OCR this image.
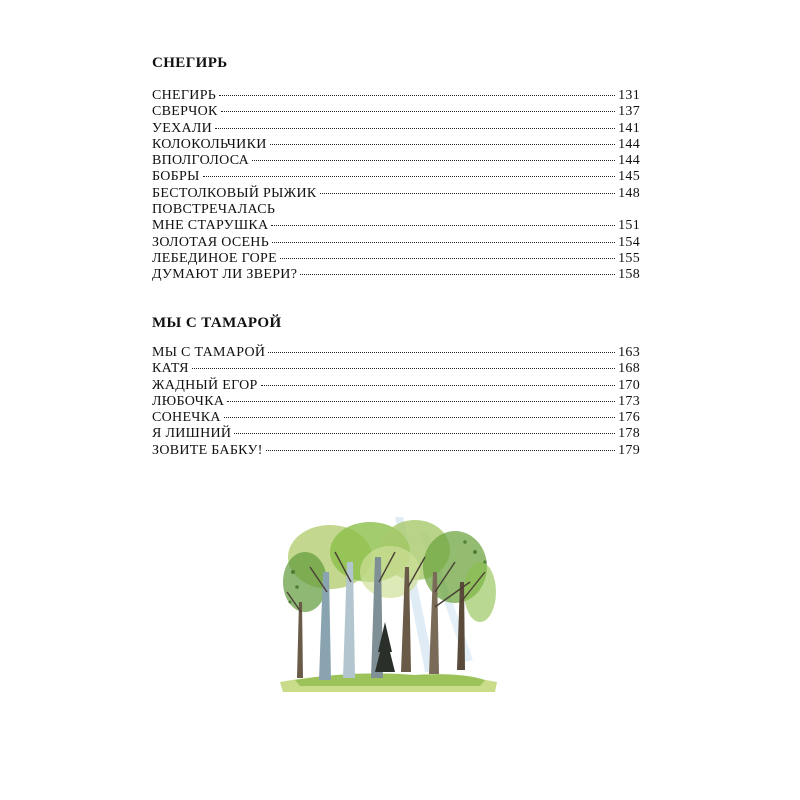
СНЕГИРЬ
СНЕГИРЬ	131
СВЕРЧОК	137
УЕХАЛИ	141
КОЛОКОЛЬЧИКИ	144
ВПОЛГОЛОСА	144
БОБРЫ	145
БЕСТОЛКОВЫЙ РЫЖИК	148
ПОВСТРЕЧАЛАСЬ
МНЕ СТАРУШКА	151
ЗОЛОТАЯ ОСЕНЬ	154
ЛЕБЕДИНОЕ ГОРЕ	155
ДУМАЮТ ЛИ ЗВЕРИ?	158
МЫ С ТАМАРОЙ
МЫ С ТАМАРОЙ	163
КАТЯ	168
ЖАДНЫЙ ЕГОР	170
ЛЮБОЧКА	173
СОНЕЧКА	176
Я ЛИШНИЙ	178
ЗОВИТЕ БАБКУ!	179
